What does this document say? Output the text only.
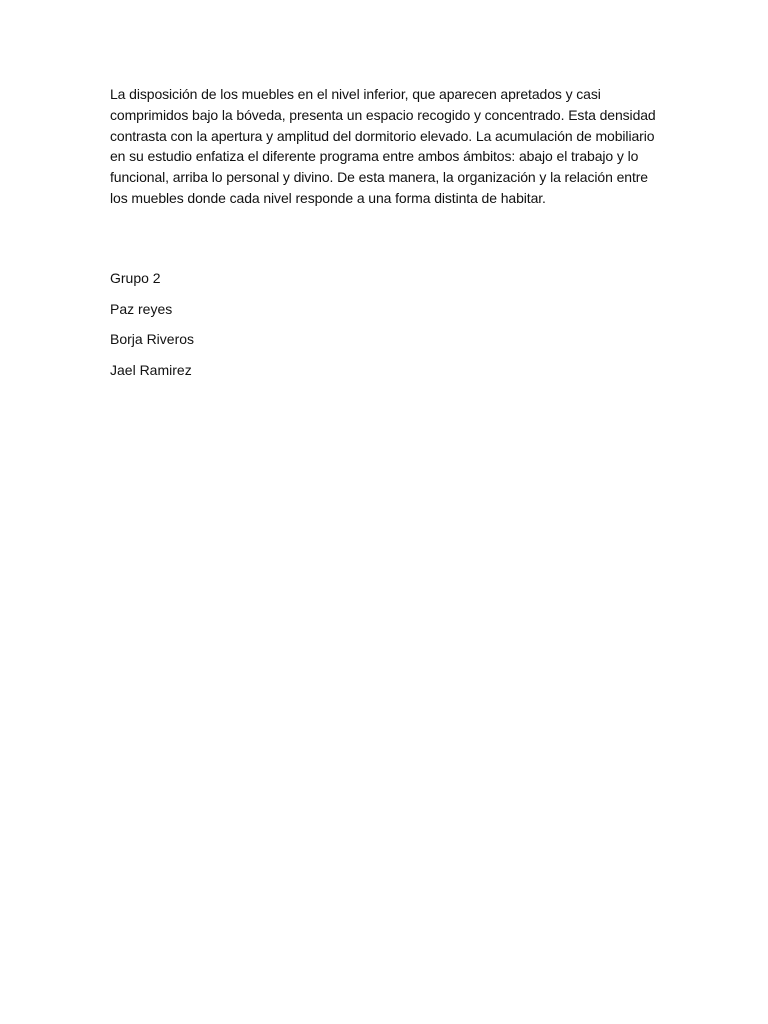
La disposición de los muebles en el nivel inferior, que aparecen apretados y casi comprimidos bajo la bóveda, presenta un espacio recogido y concentrado. Esta densidad contrasta con la apertura y amplitud del dormitorio elevado. La acumulación de mobiliario en su estudio enfatiza el diferente programa entre ambos ámbitos: abajo el trabajo y lo funcional, arriba lo personal y divino. De esta manera, la organización y la relación entre los muebles donde cada nivel responde a una forma distinta de habitar.

Grupo 2
Paz reyes
Borja Riveros
Jael Ramirez
